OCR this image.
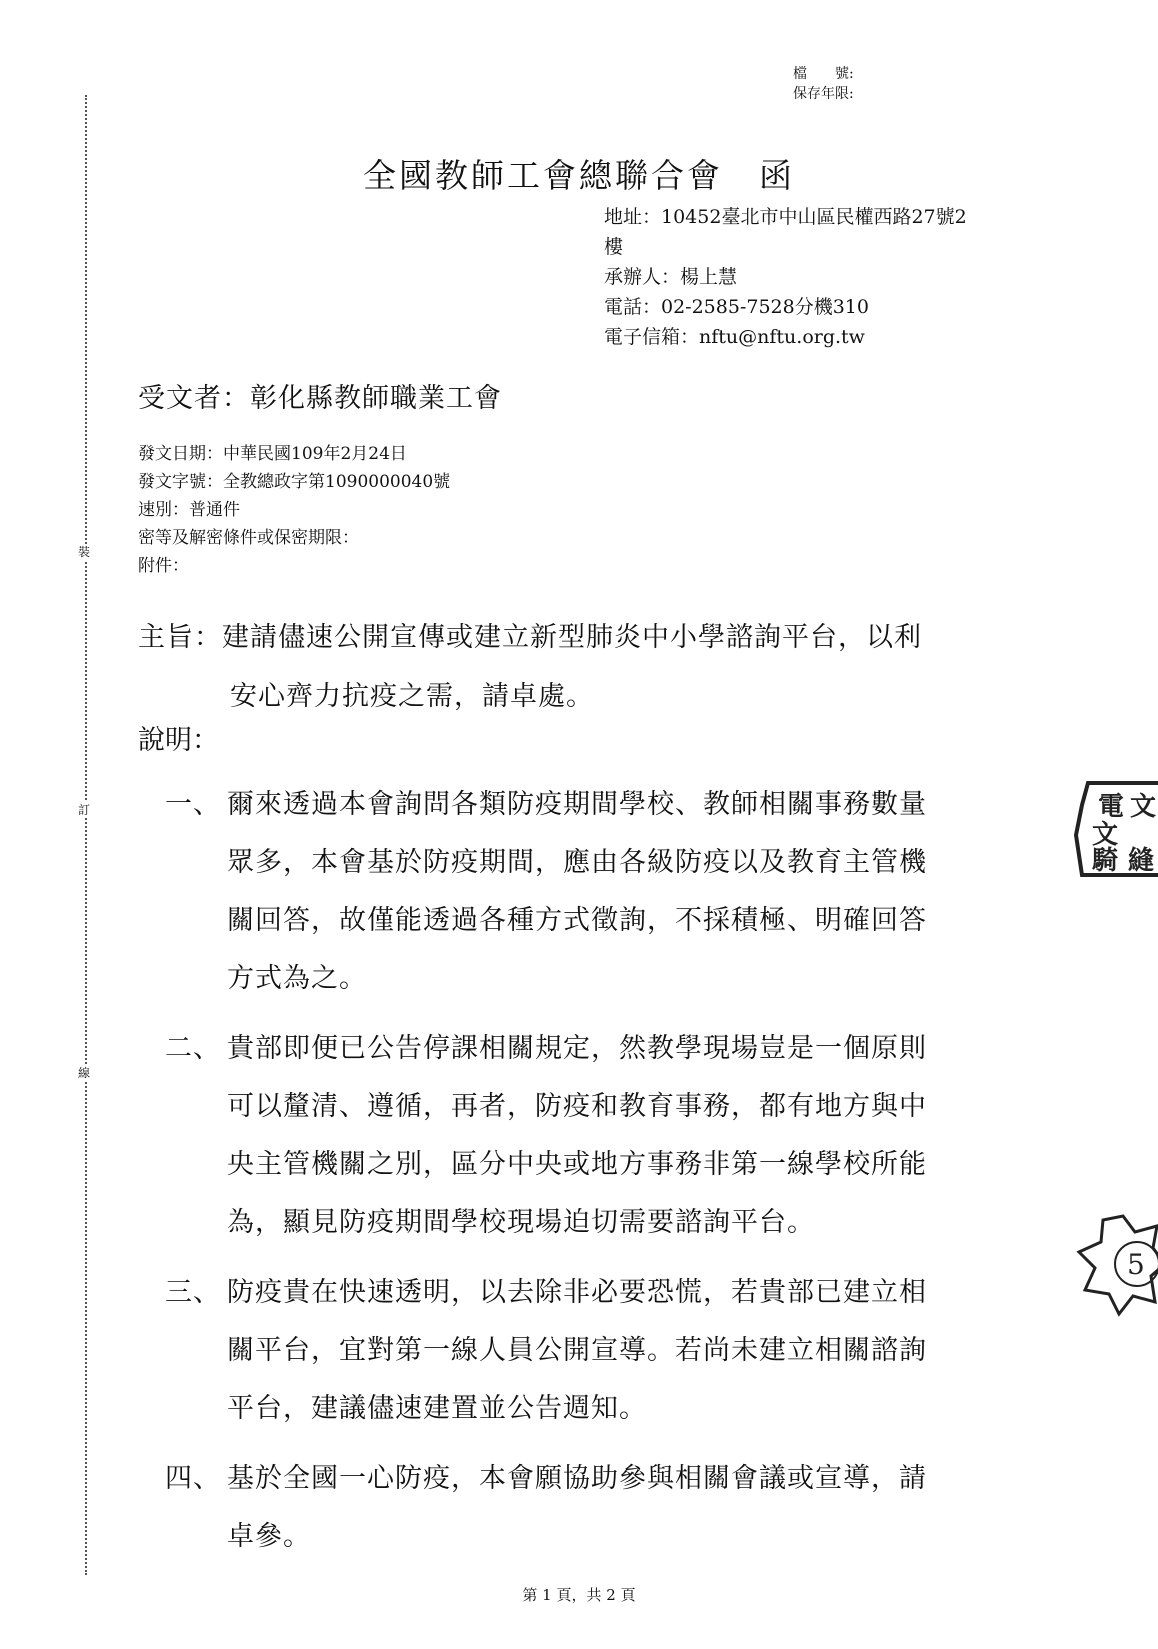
裝
訂
線
檔　　號:
保存年限:
全國教師工會總聯合會　函
地址：10452臺北市中山區民權西路27號2
樓
承辦人：楊上慧
電話：02-2585-7528分機310
電子信箱：nftu@nftu.org.tw
受文者：彰化縣教師職業工會
發文日期：中華民國109年2月24日
發文字號：全教總政字第1090000040號
速別：普通件
密等及解密條件或保密期限：
附件：
主旨：建請儘速公開宣傳或建立新型肺炎中小學諮詢平台，以利
安心齊力抗疫之需，請卓處。
說明：
一、 爾來透過本會詢問各類防疫期間學校、教師相關事務數量
眾多，本會基於防疫期間，應由各級防疫以及教育主管機
關回答，故僅能透過各種方式徵詢，不採積極、明確回答
方式為之。
二、 貴部即便已公告停課相關規定，然教學現場豈是一個原則
可以釐清、遵循，再者，防疫和教育事務，都有地方與中
央主管機關之別，區分中央或地方事務非第一線學校所能
為，顯見防疫期間學校現場迫切需要諮詢平台。
三、 防疫貴在快速透明，以去除非必要恐慌，若貴部已建立相
關平台，宜對第一線人員公開宣導。若尚未建立相關諮詢
平台，建議儘速建置並公告週知。
四、 基於全國一心防疫，本會願協助參與相關會議或宣導，請
卓參。
電 文
文
騎 縫
5
第 1 頁，共 2 頁
